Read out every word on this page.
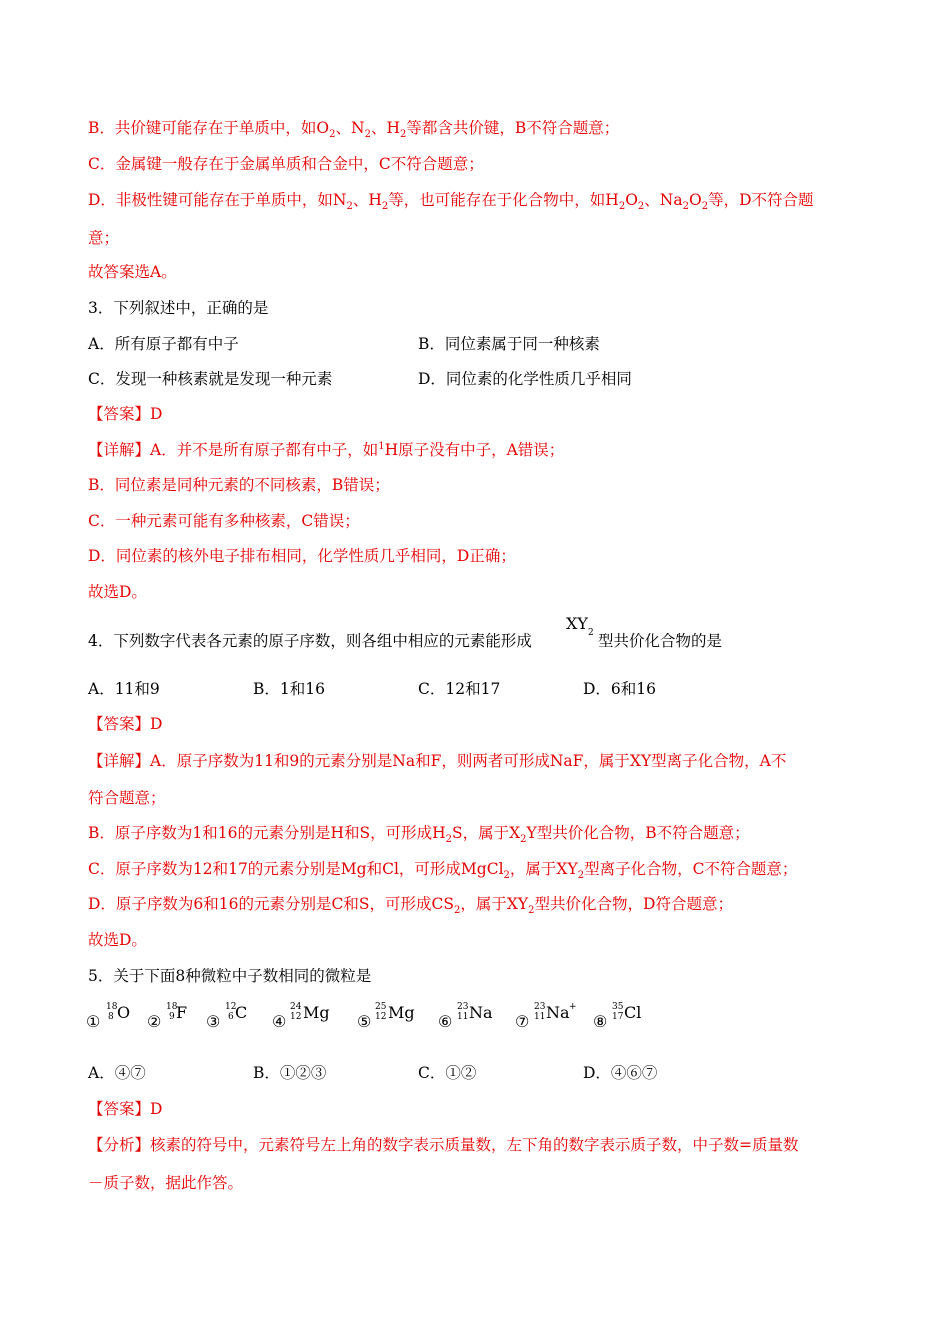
B．共价键可能存在于单质中，如$O_2$、$N_2$、$H_2$等都含共价键，B不符合题意；
C．金属键一般存在于金属单质和合金中，C不符合题意；
D．非极性键可能存在于单质中，如$N_2$、$H_2$等，也可能存在于化合物中，如$H_2O_2$、$Na_2O_2$等，D不符合题
意；
故答案选A。
3．下列叙述中，正确的是
A．所有原子都有中子	B．同位素属于同一种核素
C．发现一种核素就是发现一种元素	D．同位素的化学性质几乎相同
【答案】D
【详解】A．并不是所有原子都有中子，如$^1$H原子没有中子，A错误；
B．同位素是同种元素的不同核素，B错误；
C．一种元素可能有多种核素，C错误；
D．同位素的核外电子排布相同，化学性质几乎相同，D正确；
故选D。
4．下列数字代表各元素的原子序数，则各组中相应的元素能形成
$XY_2$ 型共价化合物的是
A．11和9	B．1和16	C．12和17	D．6和16
【答案】D
【详解】A．原子序数为11和9的元素分别是Na和F，则两者可形成NaF，属于XY型离子化合物，A不
符合题意；
B．原子序数为1和16的元素分别是H和S，可形成$H_2S$，属于$X_2Y$型共价化合物，B不符合题意；
C．原子序数为12和17的元素分别是Mg和Cl，可形成MgCl$_2$，属于$XY_2$型离子化合物，C不符合题意；
D．原子序数为6和16的元素分别是C和S，可形成$CS_2$，属于$XY_2$型共价化合物，D符合题意；
故选D。
5．关于下面8种微粒中子数相同的微粒是
①
18
8 O ②
18
9 F ③
12
6 C ④
24
12 Mg ⑤
25
12 Mg ⑥
23
11 Na ⑦
23
11 Na +
⑧
35
17 Cl
A．④⑦	B．①②③	C．①②	D．④⑥⑦
【答案】D
【分析】核素的符号中，元素符号左上角的数字表示质量数，左下角的数字表示质子数，中子数=质量数
－质子数，据此作答。
